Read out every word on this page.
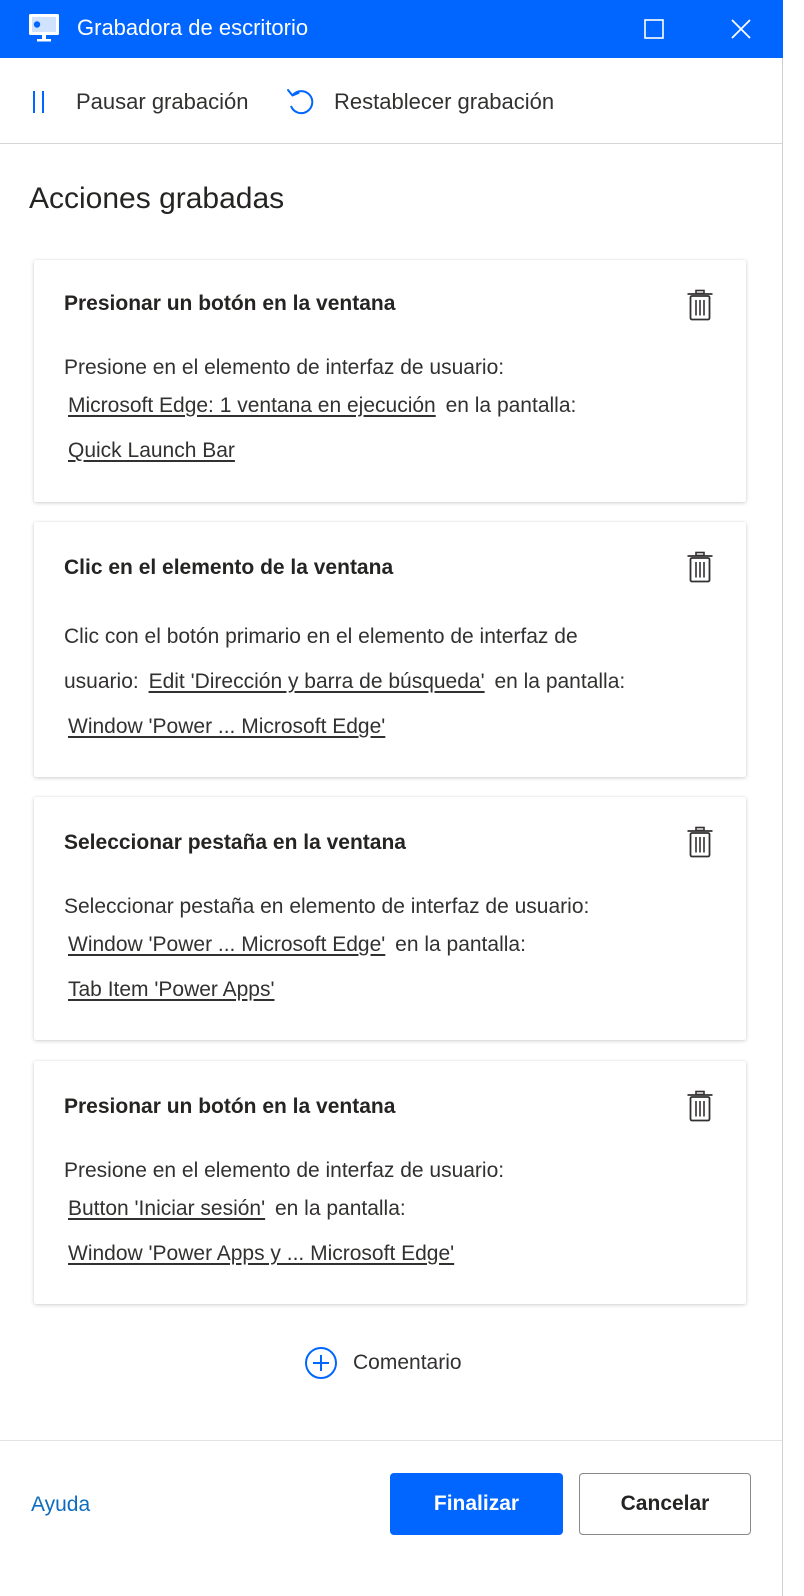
Grabadora de escritorio
Pausar grabación	Restablecer grabación
Acciones grabadas
Presionar un botón en la ventana
Presione en el elemento de interfaz de usuario:
Microsoft Edge: 1 ventana en ejecución en la pantalla:
Quick Launch Bar
Clic en el elemento de la ventana
Clic con el botón primario en el elemento de interfaz de
usuario: Edit 'Dirección y barra de búsqueda' en la pantalla:
Window 'Power ... Microsoft Edge'
Seleccionar pestaña en la ventana
Seleccionar pestaña en elemento de interfaz de usuario:
Window 'Power ... Microsoft Edge' en la pantalla:
Tab Item 'Power Apps'
Presionar un botón en la ventana
Presione en el elemento de interfaz de usuario:
Button 'Iniciar sesión' en la pantalla:
Window 'Power Apps y ... Microsoft Edge'
Comentario
Ayuda	Finalizar	Cancelar
